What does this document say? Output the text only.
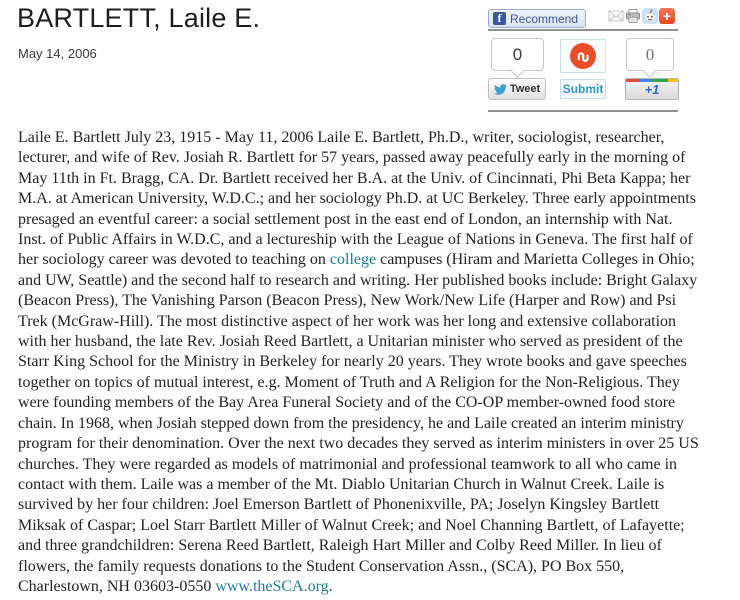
BARTLETT, Laile E.
May 14, 2006
f Recommend	+
0
Tweet Submit
0
+1
Laile E. Bartlett July 23, 1915 - May 11, 2006 Laile E. Bartlett, Ph.D., writer, sociologist, researcher,
lecturer, and wife of Rev. Josiah R. Bartlett for 57 years, passed away peacefully early in the morning of
May 11th in Ft. Bragg, CA. Dr. Bartlett received her B.A. at the Univ. of Cincinnati, Phi Beta Kappa; her
M.A. at American University, W.D.C.; and her sociology Ph.D. at UC Berkeley. Three early appointments
presaged an eventful career: a social settlement post in the east end of London, an internship with Nat.
Inst. of Public Affairs in W.D.C, and a lectureship with the League of Nations in Geneva. The first half of
her sociology career was devoted to teaching on college campuses (Hiram and Marietta Colleges in Ohio;
and UW, Seattle) and the second half to research and writing. Her published books include: Bright Galaxy
(Beacon Press), The Vanishing Parson (Beacon Press), New Work/New Life (Harper and Row) and Psi
Trek (McGraw-Hill). The most distinctive aspect of her work was her long and extensive collaboration
with her husband, the late Rev. Josiah Reed Bartlett, a Unitarian minister who served as president of the
Starr King School for the Ministry in Berkeley for nearly 20 years. They wrote books and gave speeches
together on topics of mutual interest, e.g. Moment of Truth and A Religion for the Non-Religious. They
were founding members of the Bay Area Funeral Society and of the CO-OP member-owned food store
chain. In 1968, when Josiah stepped down from the presidency, he and Laile created an interim ministry
program for their denomination. Over the next two decades they served as interim ministers in over 25 US
churches. They were regarded as models of matrimonial and professional teamwork to all who came in
contact with them. Laile was a member of the Mt. Diablo Unitarian Church in Walnut Creek. Laile is
survived by her four children: Joel Emerson Bartlett of Phonenixville, PA; Joselyn Kingsley Bartlett
Miksak of Caspar; Loel Starr Bartlett Miller of Walnut Creek; and Noel Channing Bartlett, of Lafayette;
and three grandchildren: Serena Reed Bartlett, Raleigh Hart Miller and Colby Reed Miller. In lieu of
flowers, the family requests donations to the Student Conservation Assn., (SCA), PO Box 550,
Charlestown, NH 03603-0550 www.theSCA.org.
